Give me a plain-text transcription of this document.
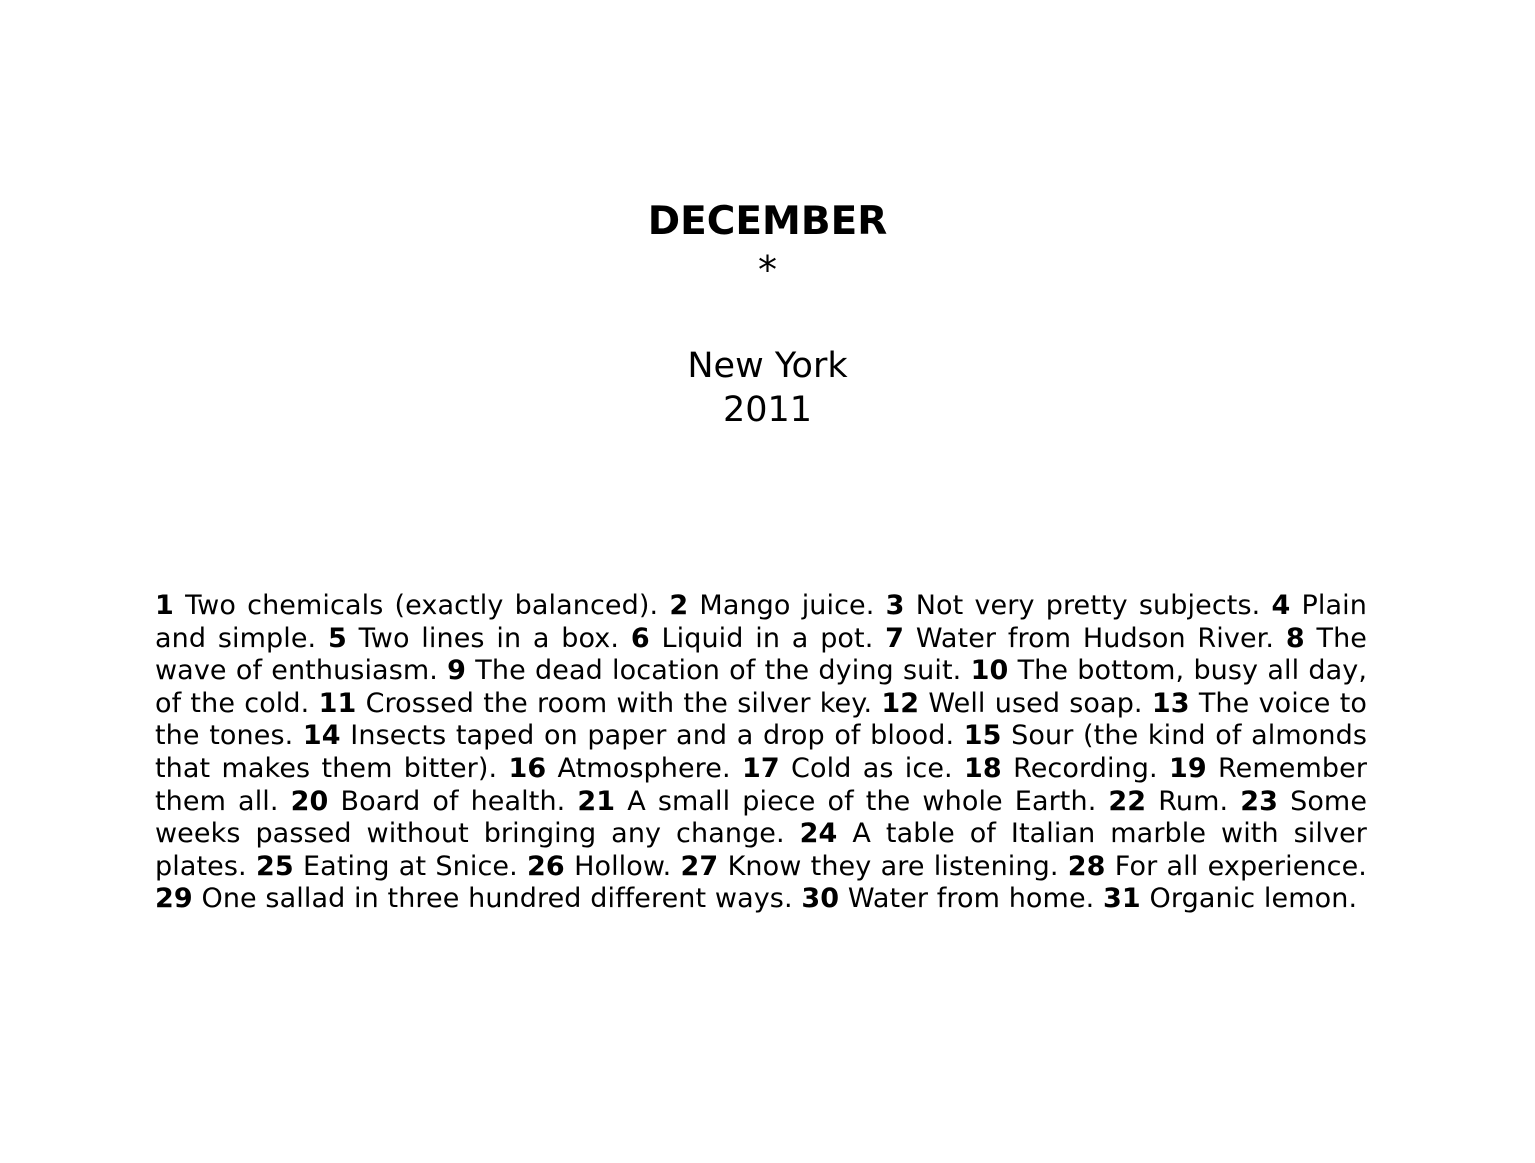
DECEMBER
*
New York
2011

1 Two chemicals (exactly balanced). 2 Mango juice. 3 Not very pretty subjects. 4 Plain and simple. 5 Two lines in a box. 6 Liquid in a pot. 7 Water from Hudson River. 8 The wave of enthusiasm. 9 The dead location of the dying suit. 10 The bottom, busy all day, of the cold. 11 Crossed the room with the silver key. 12 Well used soap. 13 The voice to the tones. 14 Insects taped on paper and a drop of blood. 15 Sour (the kind of almonds that makes them bitter). 16 Atmosphere. 17 Cold as ice. 18 Recording. 19 Remember them all. 20 Board of health. 21 A small piece of the whole Earth. 22 Rum. 23 Some weeks passed without bringing any change. 24 A table of Italian marble with silver plates. 25 Eating at Snice. 26 Hollow. 27 Know they are listening. 28 For all experience. 29 One sallad in three hundred different ways. 30 Water from home. 31 Organic lemon.
